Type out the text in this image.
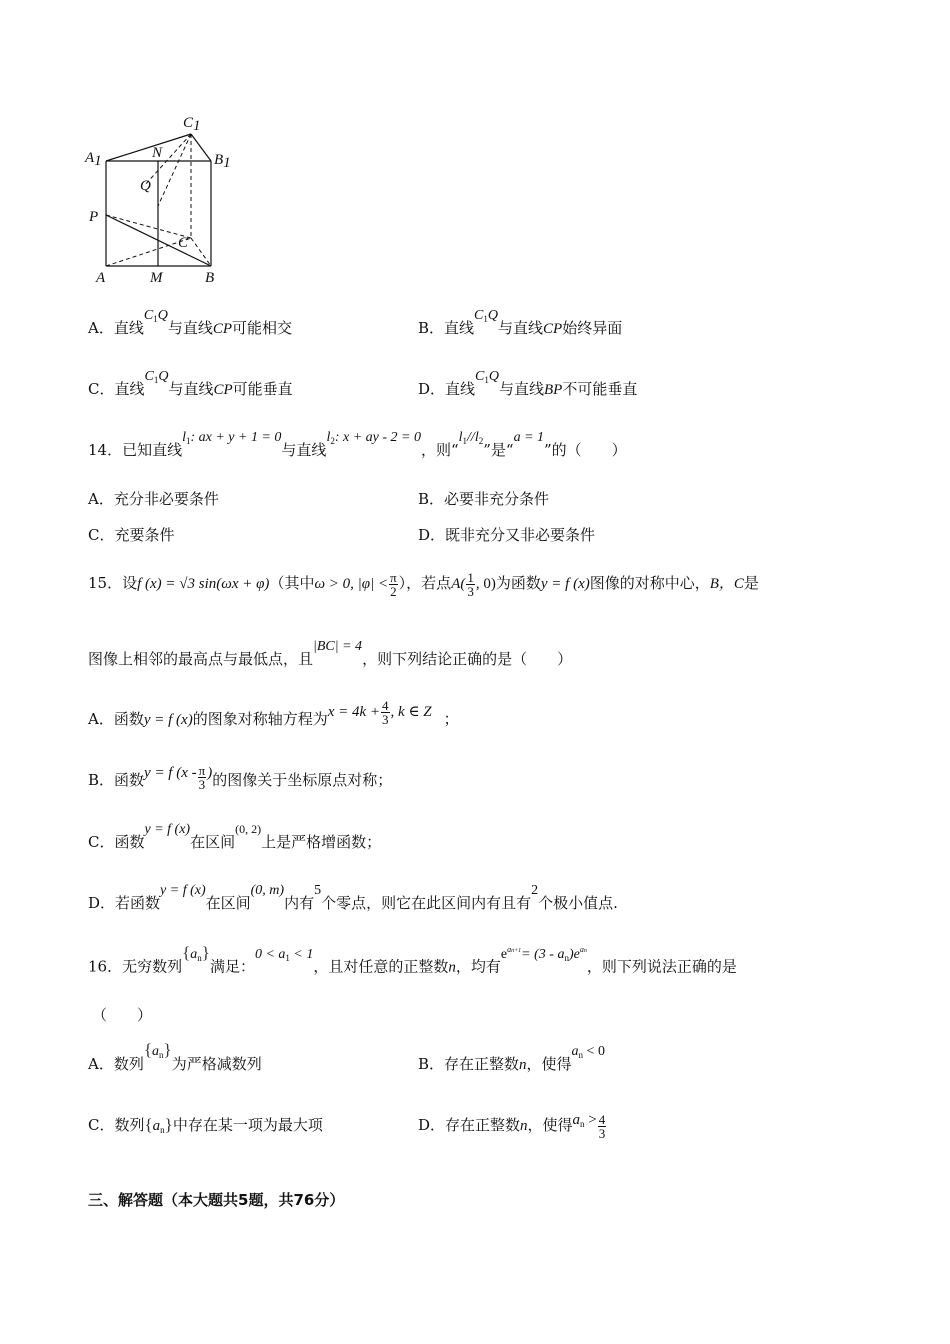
A1
C1
B1
N
Q
P
C
A	M	B
A．直线$C_1Q$与直线CP可能相交	B．直线$C_1Q$与直线CP始终异面
C．直线$C_1Q$与直线CP可能垂直	D．直线$C_1Q$与直线BP不可能垂直
14．已知直线$l_1$: ax + y + 1 = 0与直线$l_2$: x + ay - 2 = 0，则“$l_1//l_2$”是“a = 1”的（　　）
A．充分非必要条件	B．必要非充分条件
C．充要条件	D．既非充分又非必要条件
15．设f (x) = √3 sin(ωx + φ)（其中ω > 0, $|\varphi| < \frac{\pi}{2}$ ），若点$A( \frac{1}{3}$ , 0)为函数y = f (x)图像的对称中心，B，C是
图像上相邻的最高点与最低点，且|BC| = 4，则下列结论正确的是（　　）
A．函数y = f (x)的图象对称轴方程为$x = 4k + \frac{4}{3}$ , k ∈ Z ；
B．函数y = f ($x - \frac{\pi}{3}$ )的图像关于坐标原点对称；
C．函数y = f (x)在区间$^{(0, 2)}$上是严格增函数；
D．若函数y = f (x)在区间(0, m)内有5个零点，则它在此区间内有且有2个极小值点.
16．无穷数列$\{a_n\}$满足：$0 < a_1 < 1$，且对任意的正整数n，均有$e^{an+1}= (3 - a_n)e^{an}$，则下列说法正确的是
（　　）
A．数列$\{a_n\}$为严格减数列	B．存在正整数n，使得$a_n < 0$
C．数列$\{a_n\}$中存在某一项为最大项	D．存在正整数n，使得$a_n > \frac{4}{3}$
三、解答题（本大题共5题，共76分）
